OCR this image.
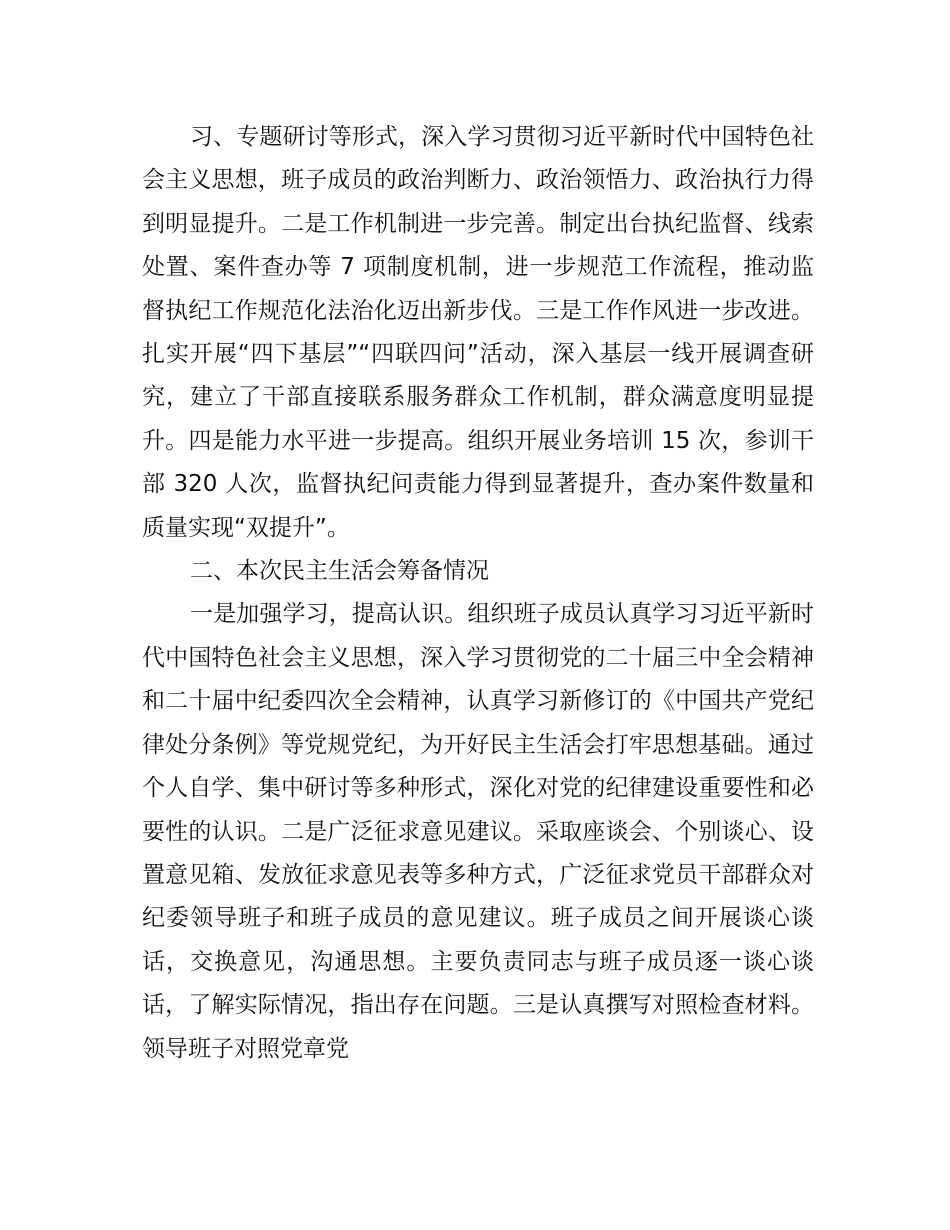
习、专题研讨等形式，深入学习贯彻习近平新时代中国特色社会主义思想，班子成员的政治判断力、政治领悟力、政治执行力得到明显提升。二是工作机制进一步完善。制定出台执纪监督、线索处置、案件查办等 7 项制度机制，进一步规范工作流程，推动监督执纪工作规范化法治化迈出新步伐。三是工作作风进一步改进。扎实开展“四下基层”“四联四问”活动，深入基层一线开展调查研究，建立了干部直接联系服务群众工作机制，群众满意度明显提升。四是能力水平进一步提高。组织开展业务培训 15 次，参训干部 320 人次，监督执纪问责能力得到显著提升，查办案件数量和质量实现“双提升”。

二、本次民主生活会筹备情况

一是加强学习，提高认识。组织班子成员认真学习习近平新时代中国特色社会主义思想，深入学习贯彻党的二十届三中全会精神和二十届中纪委四次全会精神，认真学习新修订的《中国共产党纪律处分条例》等党规党纪，为开好民主生活会打牢思想基础。通过个人自学、集中研讨等多种形式，深化对党的纪律建设重要性和必要性的认识。二是广泛征求意见建议。采取座谈会、个别谈心、设置意见箱、发放征求意见表等多种方式，广泛征求党员干部群众对纪委领导班子和班子成员的意见建议。班子成员之间开展谈心谈话，交换意见，沟通思想。主要负责同志与班子成员逐一谈心谈话，了解实际情况，指出存在问题。三是认真撰写对照检查材料。领导班子对照党章党
